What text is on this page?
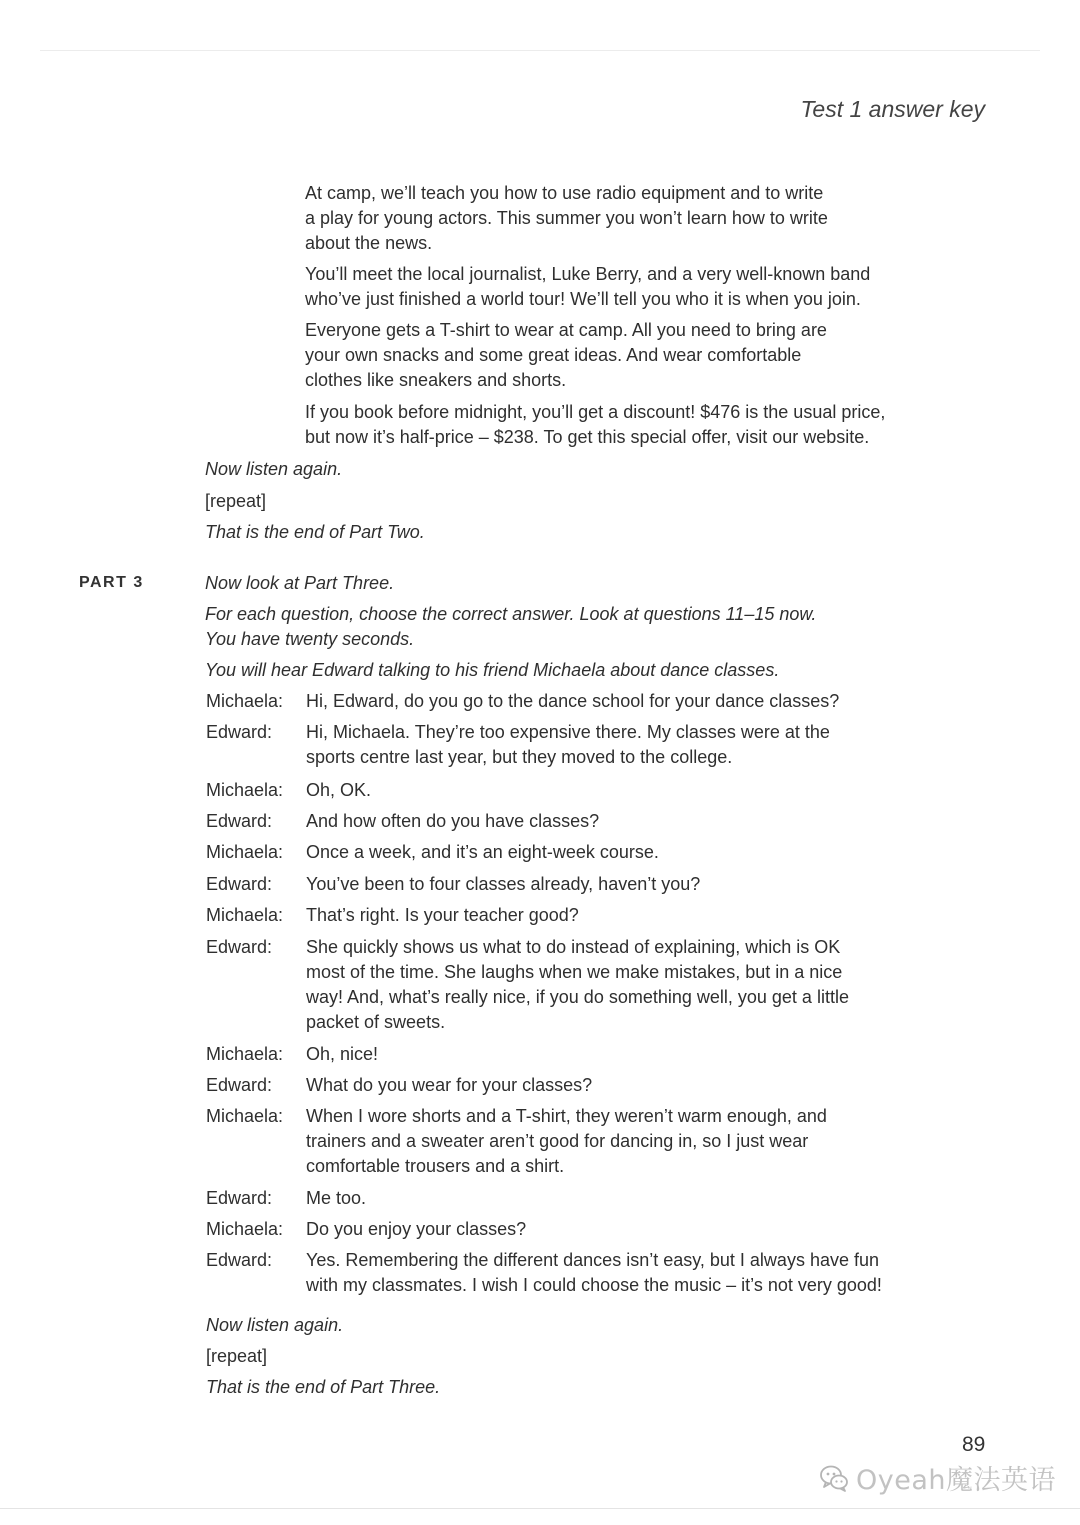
Test 1 answer key
At camp, we’ll teach you how to use radio equipment and to write
a play for young actors. This summer you won’t learn how to write
about the news.
You’ll meet the local journalist, Luke Berry, and a very well-known band
who’ve just finished a world tour! We’ll tell you who it is when you join.
Everyone gets a T-shirt to wear at camp. All you need to bring are
your own snacks and some great ideas. And wear comfortable
clothes like sneakers and shorts.
If you book before midnight, you’ll get a discount! $476 is the usual price,
but now it’s half-price – $238. To get this special offer, visit our website.
Now listen again.
[repeat]
That is the end of Part Two.
PART 3	Now look at Part Three.
For each question, choose the correct answer. Look at questions 11–15 now.
You have twenty seconds.
You will hear Edward talking to his friend Michaela about dance classes.
Michaela: Hi, Edward, do you go to the dance school for your dance classes?
Edward: Hi, Michaela. They’re too expensive there. My classes were at the
sports centre last year, but they moved to the college.
Michaela: Oh, OK.
Edward: And how often do you have classes?
Michaela: Once a week, and it’s an eight-week course.
Edward: You’ve been to four classes already, haven’t you?
Michaela: That’s right. Is your teacher good?
Edward: She quickly shows us what to do instead of explaining, which is OK
most of the time. She laughs when we make mistakes, but in a nice
way! And, what’s really nice, if you do something well, you get a little
packet of sweets.
Michaela: Oh, nice!
Edward: What do you wear for your classes?
Michaela: When I wore shorts and a T-shirt, they weren’t warm enough, and
trainers and a sweater aren’t good for dancing in, so I just wear
comfortable trousers and a shirt.
Edward: Me too.
Michaela: Do you enjoy your classes?
Edward: Yes. Remembering the different dances isn’t easy, but I always have fun
with my classmates. I wish I could choose the music – it’s not very good!
Now listen again.
[repeat]
That is the end of Part Three.
89
Oyeah魔法英语
